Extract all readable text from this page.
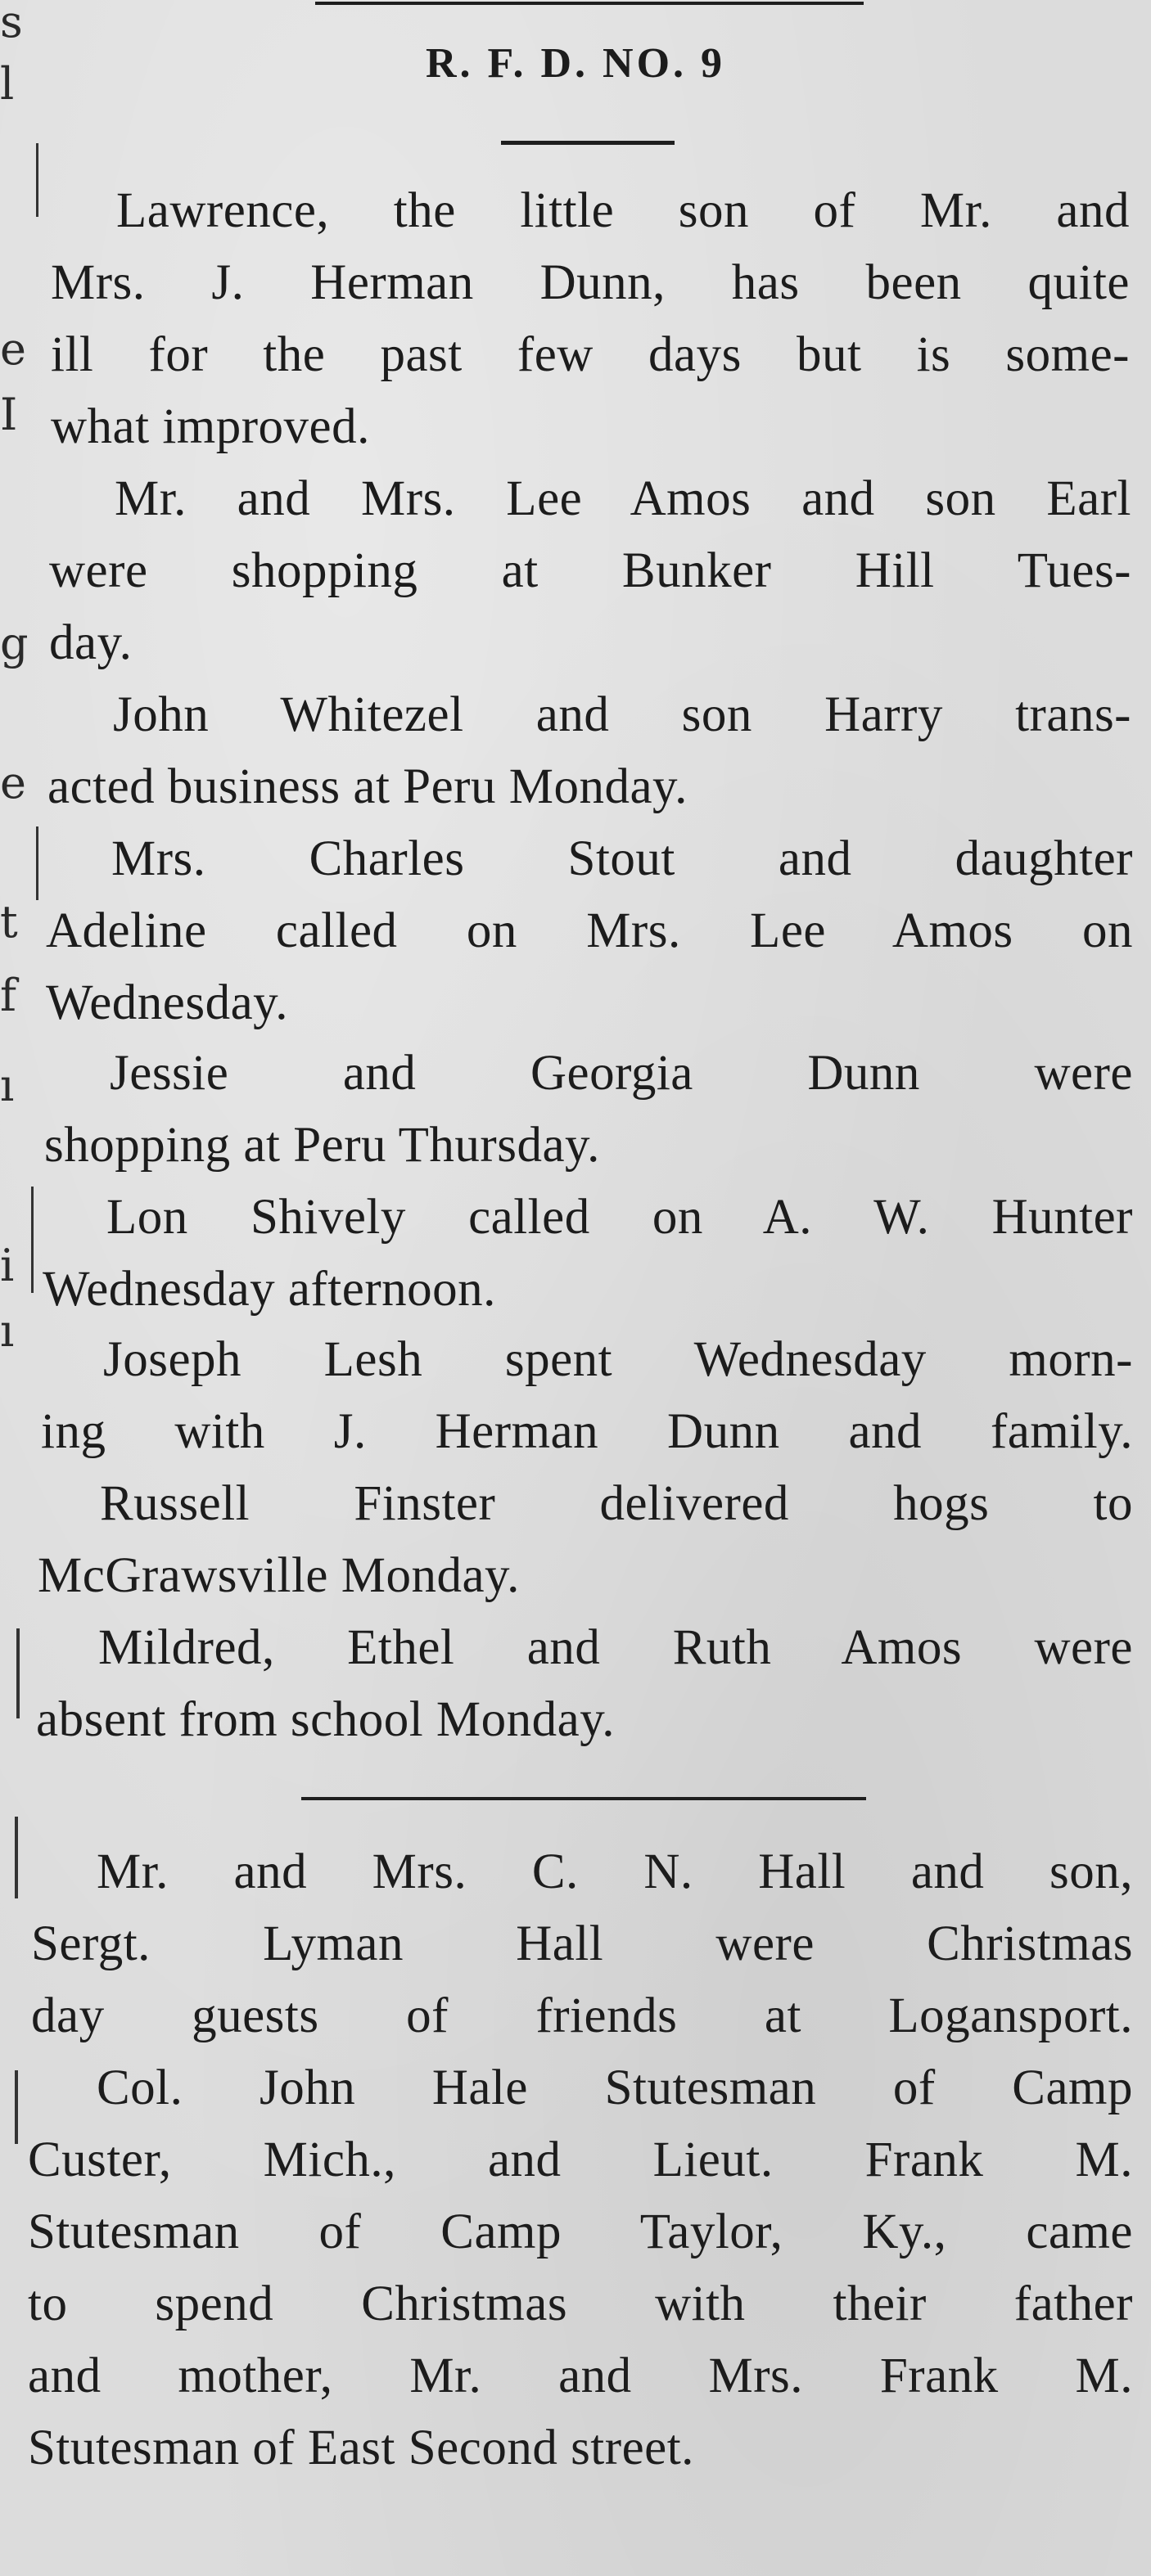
s
l
e
I
g
e
t
f
ı
i
ı
R. F. D. NO. 9

Lawrence, the little son of Mr. and
Mrs. J. Herman Dunn, has been quite
ill for the past few days but is some-
what improved.

Mr. and Mrs. Lee Amos and son Earl
were shopping at Bunker Hill Tues-
day.

John Whitezel and son Harry trans-
acted business at Peru Monday.

Mrs. Charles Stout and daughter
Adeline called on Mrs. Lee Amos on
Wednesday.

Jessie and Georgia Dunn were
shopping at Peru Thursday.

Lon Shively called on A. W. Hunter
Wednesday afternoon.

Joseph Lesh spent Wednesday morn-
ing with J. Herman Dunn and family.

Russell Finster delivered hogs to
McGrawsville Monday.

Mildred, Ethel and Ruth Amos were
absent from school Monday.

Mr. and Mrs. C. N. Hall and son,
Sergt. Lyman Hall were Christmas
day guests of friends at Logansport.

Col. John Hale Stutesman of Camp
Custer, Mich., and Lieut. Frank M.
Stutesman of Camp Taylor, Ky., came
to spend Christmas with their father
and mother, Mr. and Mrs. Frank M.
Stutesman of East Second street.
